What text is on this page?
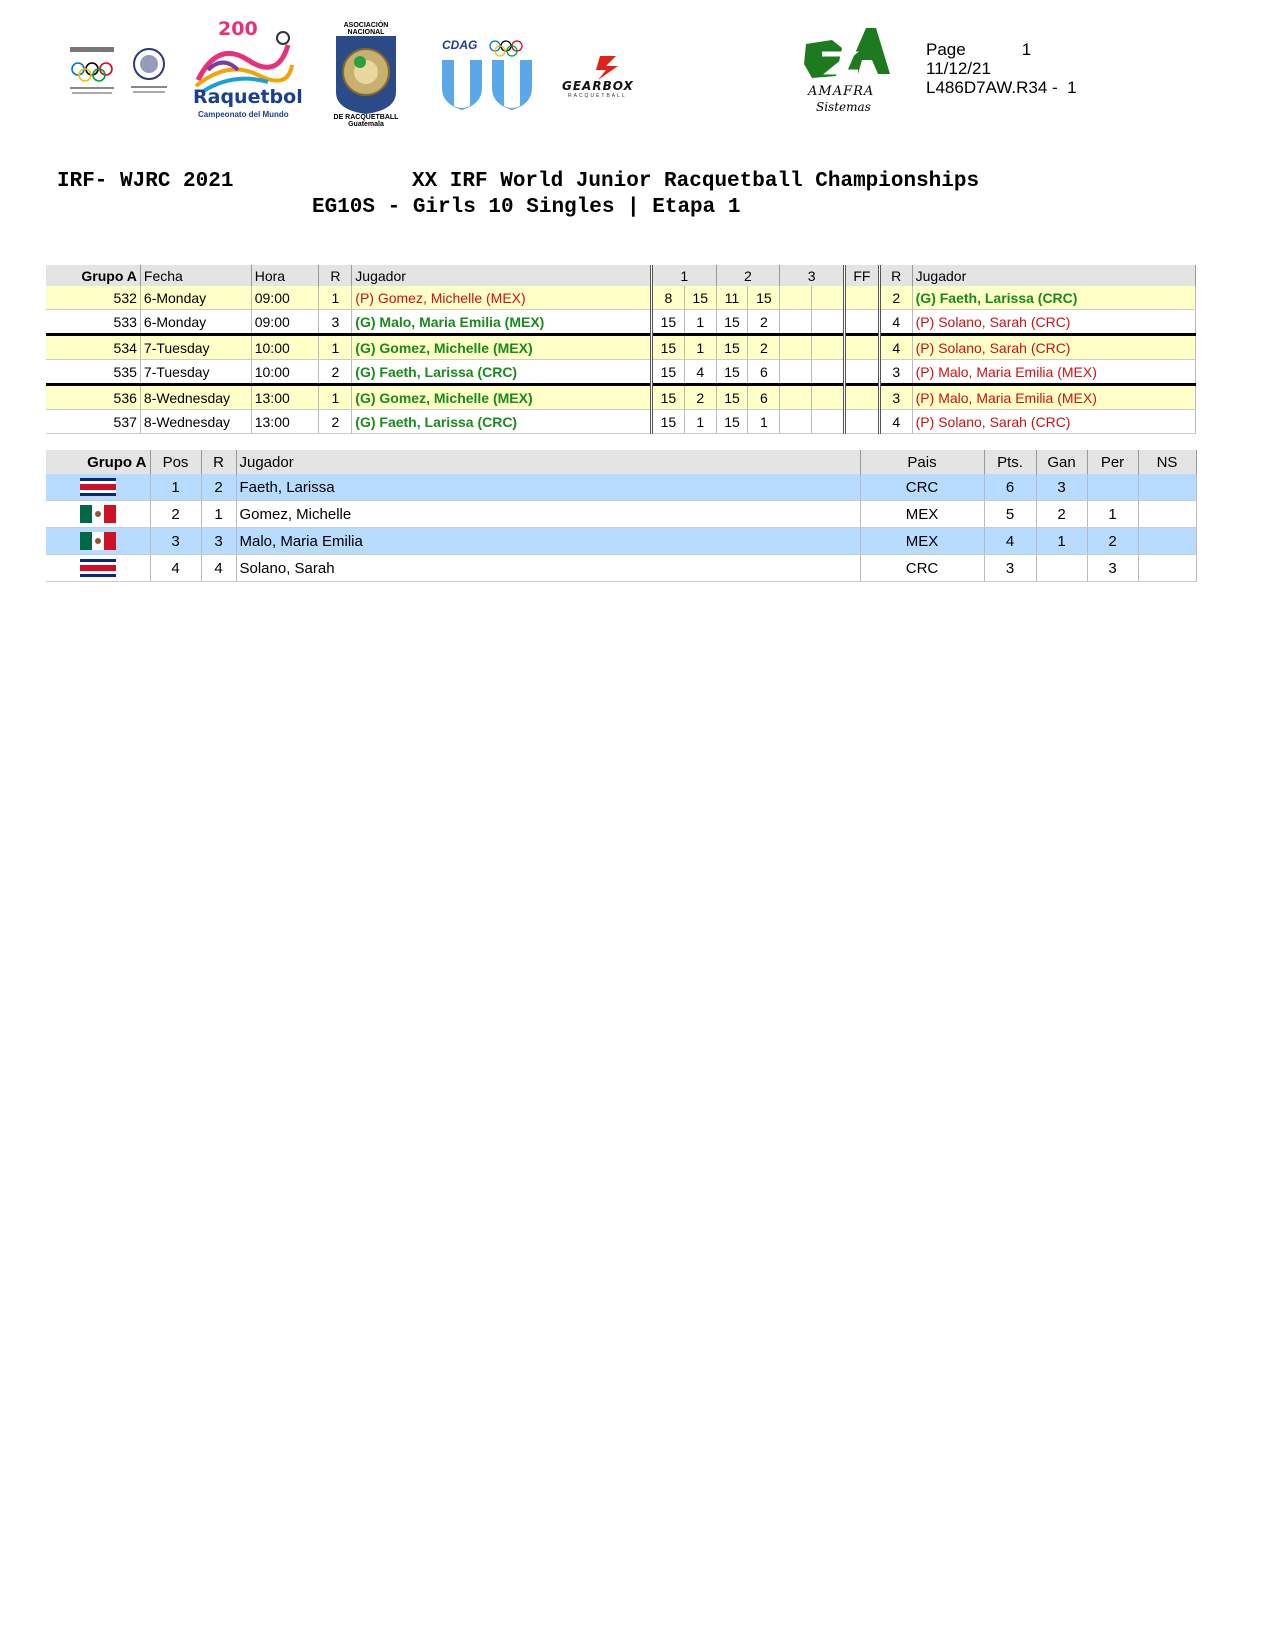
200
Raquetbol
Campeonato del Mundo
ASOCIACIÓN NACIONAL
DE RACQUETBALL Guatemala
CDAG
GEARBOX
RACQUETBALL	AMAFRA
Sistemas
Page	1
11/12/21
L486D7AW.R34 -  1
IRF- WJRC 2021	XX IRF World Junior Racquetball Championships
EG10S - Girls 10 Singles | Etapa 1
Grupo A	Fecha	Hora	R	Jugador	1		2		3		FF	R	Jugador
532	6-Monday	09:00	1	(P) Gomez, Michelle (MEX)	8	15	11	15				2	(G) Faeth, Larissa (CRC)
533	6-Monday	09:00	3	(G) Malo, Maria Emilia (MEX)	15	1	15	2				4	(P) Solano, Sarah (CRC)
534	7-Tuesday	10:00	1	(G) Gomez, Michelle (MEX)	15	1	15	2				4	(P) Solano, Sarah (CRC)
535	7-Tuesday	10:00	2	(G) Faeth, Larissa (CRC)	15	4	15	6				3	(P) Malo, Maria Emilia (MEX)
536	8-Wednesday	13:00	1	(G) Gomez, Michelle (MEX)	15	2	15	6				3	(P) Malo, Maria Emilia (MEX)
537	8-Wednesday	13:00	2	(G) Faeth, Larissa (CRC)	15	1	15	1				4	(P) Solano, Sarah (CRC)
Grupo A	Pos	R	Jugador	Pais	Pts.	Gan	Per	NS
	1	2	Faeth, Larissa	CRC	6	3		
	2	1	Gomez, Michelle	MEX	5	2	1	
	3	3	Malo, Maria Emilia	MEX	4	1	2	
	4	4	Solano, Sarah	CRC	3		3	
